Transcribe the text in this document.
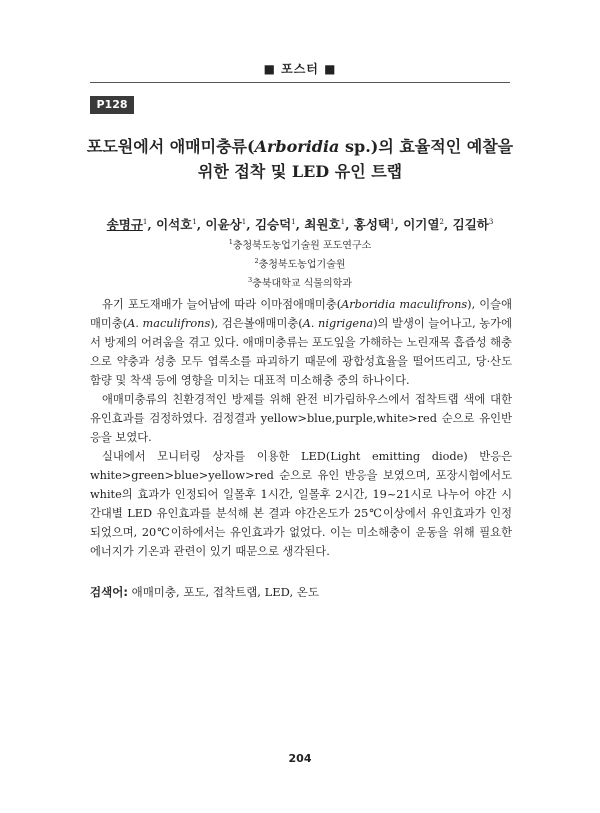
■ 포스터 ■
P128
포도원에서 애매미충류(Arboridia sp.)의 효율적인 예찰을
위한 접착 및 LED 유인 트랩
송명규$^1$, 이석호$^1$, 이윤상$^1$, 김승덕$^1$, 최원호$^1$, 홍성택$^1$, 이기열$^2$, 김길하$^3$
$^1$충청북도농업기술원 포도연구소
$^2$충청북도농업기술원
$^3$충북대학교 식물의학과

유기 포도재배가 늘어남에 따라 이마점애매미충(Arboridia maculifrons), 이슬애매미충(A. maculifrons), 검은볼애매미충(A. nigrigena)의 발생이 늘어나고, 농가에서 방제의 어려움을 겪고 있다. 애매미충류는 포도잎을 가해하는 노린재목 흡즙성 해충으로 약충과 성충 모두 엽록소를 파괴하기 때문에 광합성효율을 떨어뜨리고, 당·산도 함량 및 착색 등에 영향을 미치는 대표적 미소해충 중의 하나이다.

애매미충류의 친환경적인 방제를 위해 완전 비가림하우스에서 접착트랩 색에 대한 유인효과를 검정하였다. 검정결과 yellow>blue,purple,white>red 순으로 유인반응을 보였다.

실내에서 모니터링 상자를 이용한 LED(Light emitting diode) 반응은 white>green>blue>yellow>red 순으로 유인 반응을 보였으며, 포장시험에서도 white의 효과가 인정되어 일몰후 1시간, 일몰후 2시간, 19~21시로 나누어 야간 시간대별 LED 유인효과를 분석해 본 결과 야간온도가 25℃이상에서 유인효과가 인정되었으며, 20℃이하에서는 유인효과가 없었다. 이는 미소해충이 운동을 위해 필요한 에너지가 기온과 관련이 있기 때문으로 생각된다.

검색어: 애매미충, 포도, 접착트랩, LED, 온도
204
